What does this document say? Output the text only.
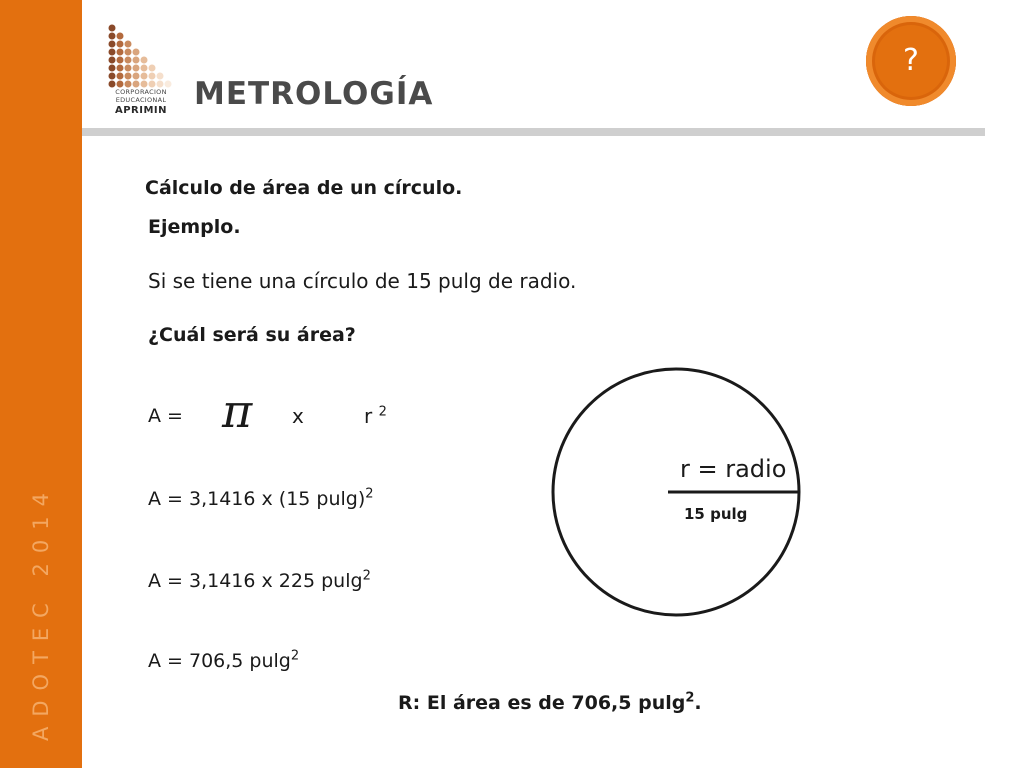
ADOTEC 2014
CORPORACION
EDUCACIONAL
APRIMIN METROLOGÍA
?
Cálculo de área de un círculo.
Ejemplo.
Si se tiene una círculo de 15 pulg de radio.
¿Cuál será su área?
A = π x	r $^2$
A = 3,1416 x (15 pulg)$^2$
A = 3,1416 x 225 pulg$^2$
A = 706,5 pulg$^2$
R: El área es de 706,5 pulg$^2$.
r = radio
15 pulg
